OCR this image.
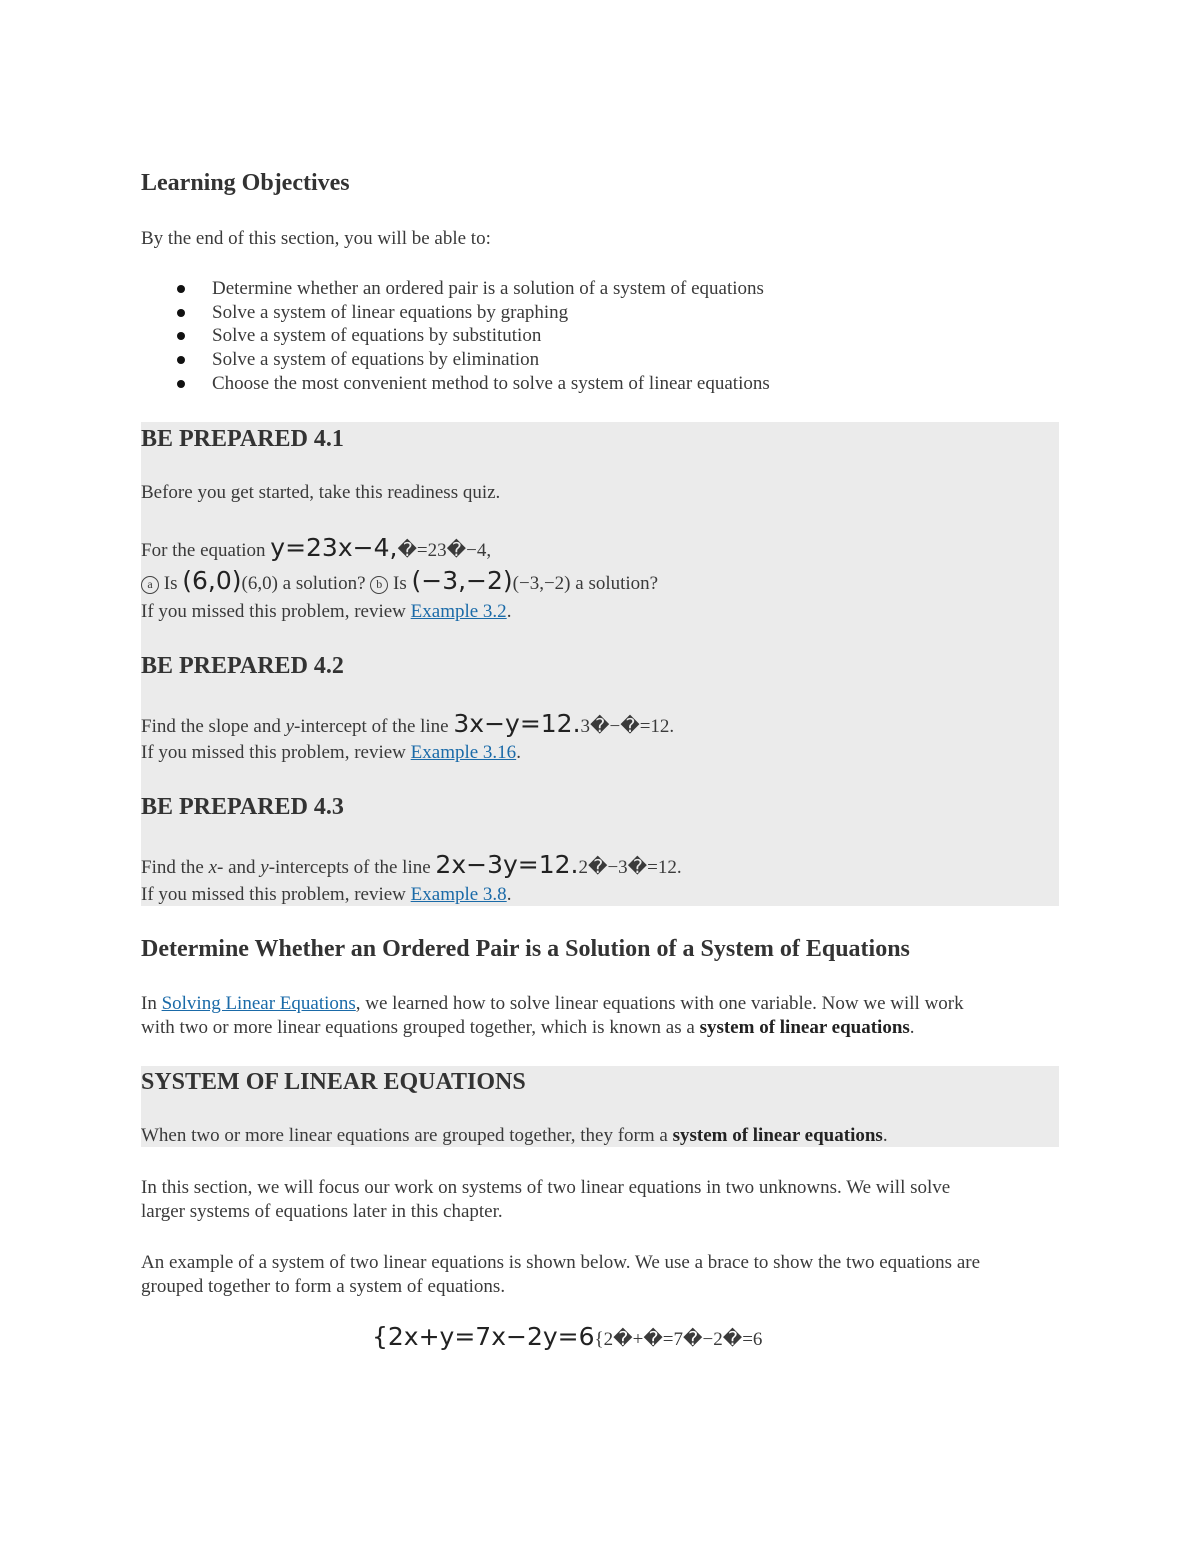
Learning Objectives
By the end of this section, you will be able to:
Determine whether an ordered pair is a solution of a system of equations
Solve a system of linear equations by graphing
Solve a system of equations by substitution
Solve a system of equations by elimination
Choose the most convenient method to solve a system of linear equations
BE PREPARED 4.1
Before you get started, take this readiness quiz.
For the equation y=23x−4,�=23�−4,
a Is (6,0)(6,0) a solution? b Is (−3,−2)(−3,−2) a solution?
If you missed this problem, review Example 3.2.
BE PREPARED 4.2
Find the slope and y-intercept of the line 3x−y=12.3�−�=12.
If you missed this problem, review Example 3.16.
BE PREPARED 4.3
Find the x- and y-intercepts of the line 2x−3y=12.2�−3�=12.
If you missed this problem, review Example 3.8.
Determine Whether an Ordered Pair is a Solution of a System of Equations
In Solving Linear Equations, we learned how to solve linear equations with one variable. Now we will work
with two or more linear equations grouped together, which is known as a system of linear equations.
SYSTEM OF LINEAR EQUATIONS
When two or more linear equations are grouped together, they form a system of linear equations.
In this section, we will focus our work on systems of two linear equations in two unknowns. We will solve
larger systems of equations later in this chapter.
An example of a system of two linear equations is shown below. We use a brace to show the two equations are
grouped together to form a system of equations.
{2x+y=7x−2y=6{2�+�=7�−2�=6
